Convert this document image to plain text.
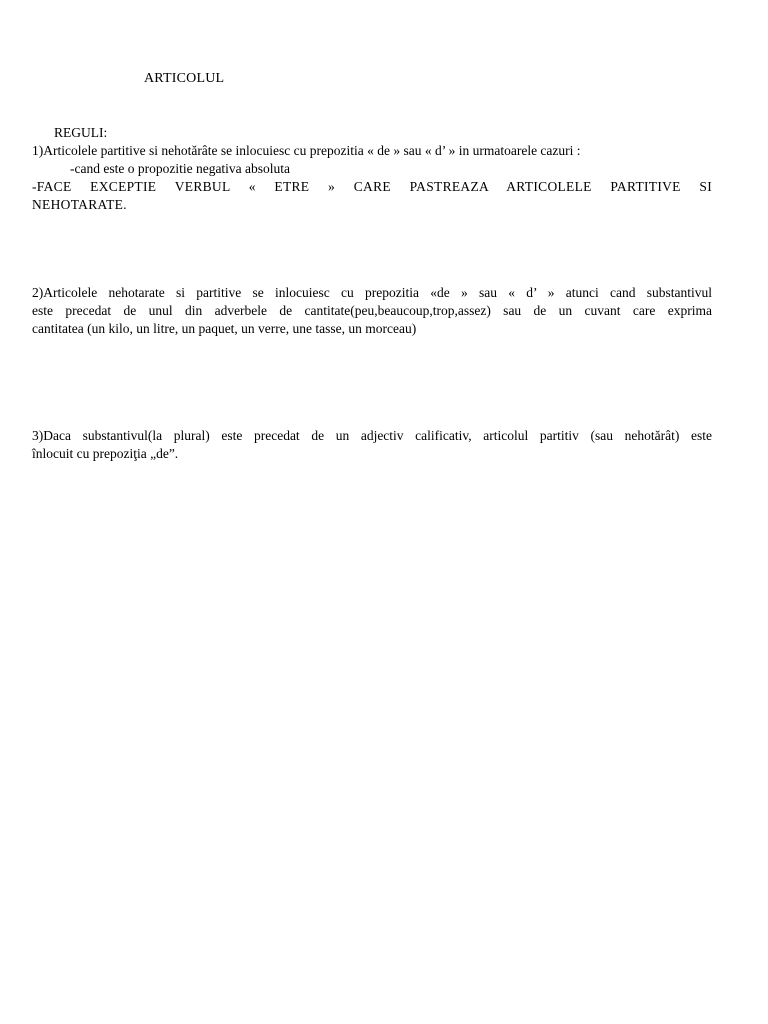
ARTICOLUL
REGULI:
1)Articolele partitive si nehotărâte se inlocuiesc cu prepozitia « de » sau « d’ » in urmatoarele cazuri :
-cand este o propozitie negativa absoluta
-FACE EXCEPTIE VERBUL « ETRE » CARE PASTREAZA ARTICOLELE PARTITIVE SI
NEHOTARATE.
2)Articolele nehotarate si partitive se inlocuiesc cu prepozitia «de » sau « d’ » atunci cand substantivul
este precedat de unul din adverbele de cantitate(peu,beaucoup,trop,assez) sau de un cuvant care exprima
cantitatea (un kilo, un litre, un paquet, un verre, une tasse, un morceau)
3)Daca substantivul(la plural) este precedat de un adjectiv calificativ, articolul partitiv (sau nehotărât) este
înlocuit cu prepoziţia „de”.
